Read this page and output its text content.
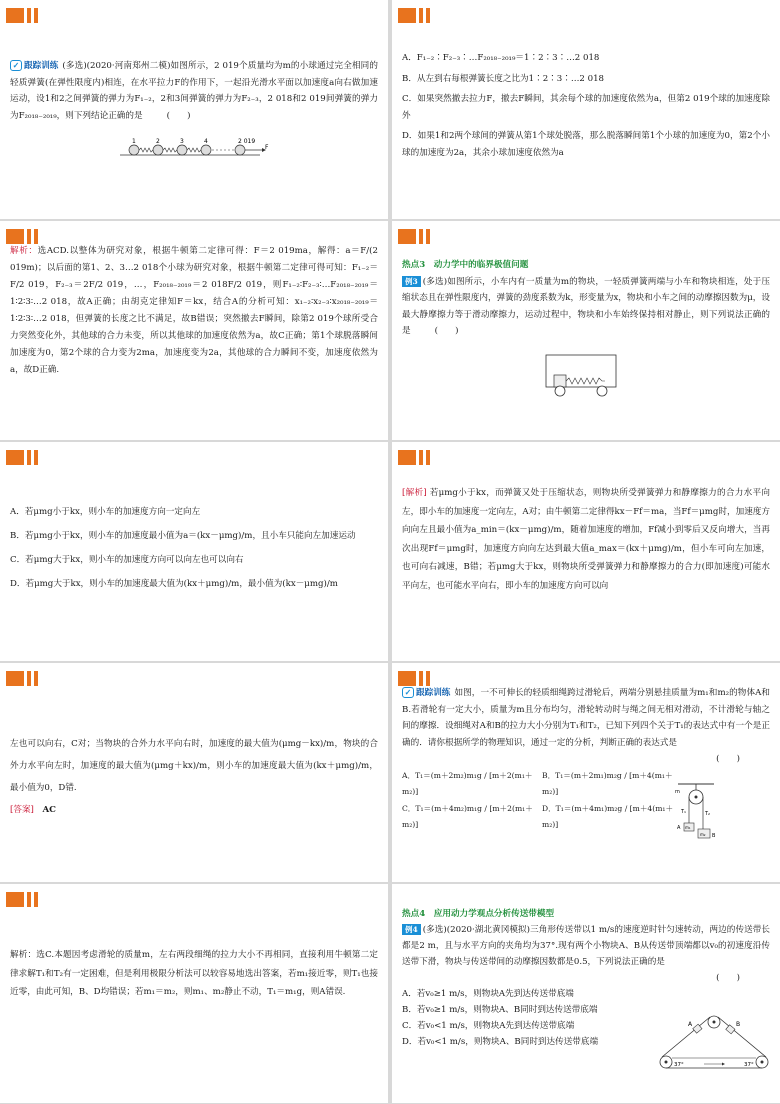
✓ 跟踪训练 (多选)(2020·河南郑州二模)如图所示，2 019个质量均为m的小球通过完全相同的轻质弹簧(在弹性限度内)相连，在水平拉力F的作用下，一起沿光滑水平面以加速度a向右做加速运动，设1和2之间弹簧的弹力为F₁₋₂，2和3间弹簧的弹力为F₂₋₃，2 018和2 019间弹簧的弹力为F₂₀₁₈₋₂₀₁₉，则下列结论正确的是	(　　)
1	2	3	4	2 019
F
A．F₁₋₂∶F₂₋₃∶…F₂₀₁₈₋₂₀₁₉＝1∶2∶3∶…2 018
B．从左到右每根弹簧长度之比为1∶2∶3∶…2 018
C．如果突然撤去拉力F，撤去F瞬间，其余每个球的加速度依然为a，但第2 019个球的加速度除外
D．如果1和2两个球间的弹簧从第1个球处脱落，那么脱落瞬间第1个小球的加速度为0，第2个小球的加速度为2a，其余小球加速度依然为a
解析：选ACD.以整体为研究对象，根据牛顿第二定律可得：F＝2 019ma，解得：a＝F/(2 019m)；以后面的第1、2、3…2 018个小球为研究对象，根据牛顿第二定律可得可知：F₁₋₂＝F/2 019，F₂₋₃＝2F/2 019，…，F₂₀₁₈₋₂₀₁₉＝2 018F/2 019，则F₁₋₂∶F₂₋₃∶…F₂₀₁₈₋₂₀₁₉＝1∶2∶3∶…2 018，故A正确；由胡克定律知F＝kx，结合A的分析可知：x₁₋₂∶x₂₋₃∶x₂₀₁₈₋₂₀₁₉＝1∶2∶3∶…2 018，但弹簧的长度之比不满足，故B错误；突然撤去F瞬间，除第2 019个球所受合力突然变化外，其他球的合力未变，所以其他球的加速度依然为a，故C正确；第1个球脱落瞬间加速度为0，第2个球的合力变为2ma，加速度变为2a，其他球的合力瞬间不变，加速度依然为a，故D正确.
热点3　动力学中的临界极值问题
例3 (多选)如图所示，小车内有一质量为m的物块，一轻质弹簧两端与小车和物块相连，处于压缩状态且在弹性限度内，弹簧的劲度系数为k，形变量为x，物块和小车之间的动摩擦因数为μ，设最大静摩擦力等于滑动摩擦力，运动过程中，物块和小车始终保持相对静止，则下列说法正确的是	(　　)
A．若μmg小于kx，则小车的加速度方向一定向左
B．若μmg小于kx，则小车的加速度最小值为a＝(kx－μmg)/m，且小车只能向左加速运动
C．若μmg大于kx，则小车的加速度方向可以向左也可以向右
D．若μmg大于kx，则小车的加速度最大值为(kx＋μmg)/m，最小值为(kx－μmg)/m
[解析] 若μmg小于kx，而弹簧又处于压缩状态，则物块所受弹簧弹力和静摩擦力的合力水平向左，即小车的加速度一定向左，A对；由牛顿第二定律得kx－Ff＝ma，当Ff＝μmg时，加速度方向向左且最小值为a_min＝(kx－μmg)/m，随着加速度的增加，Ff减小到零后又反向增大，当再次出现Ff＝μmg时，加速度方向向左达到最大值a_max＝(kx＋μmg)/m，但小车可向左加速，也可向右减速，B错；若μmg大于kx，则物块所受弹簧弹力和静摩擦力的合力(即加速度)可能水平向左，也可能水平向右，即小车的加速度方向可以向
左也可以向右，C对；当物块的合外力水平向右时，加速度的最大值为(μmg－kx)/m，物块的合外力水平向左时，加速度的最大值为(μmg＋kx)/m，则小车的加速度最大值为(kx＋μmg)/m，最小值为0，D错.
[答案]　 AC
✓ 跟踪训练 如图，一不可伸长的轻质细绳跨过滑轮后，两端分别悬挂质量为m₁和m₂的物体A和B.若滑轮有一定大小，质量为m且分布均匀，滑轮转动时与绳之间无相对滑动，不计滑轮与轴之间的摩擦．设细绳对A和B的拉力大小分别为T₁和T₂，已知下列四个关于T₁的表达式中有一个是正确的．请你根据所学的物理知识，通过一定的分析，判断正确的表达式是
(　　)
A．T₁＝(m＋2m₂)m₁g / [m＋2(m₁＋m₂)]
B．T₁＝(m＋2m₁)m₂g / [m＋4(m₁＋m₂)]
C．T₁＝(m＋4m₂)m₁g / [m＋2(m₁＋m₂)]
D．T₁＝(m＋4m₁)m₂g / [m＋4(m₁＋m₂)]
m
T₁	T₂
A m₁
B
m₂
解析：选C.本题因考虑滑轮的质量m，左右两段细绳的拉力大小不再相同，直接利用牛顿第二定律求解T₁和T₂有一定困难，但是利用极限分析法可以较容易地选出答案，若m₁接近零，则T₁也接近零，由此可知，B、D均错误；若m₁＝m₂，则m₁、m₂静止不动，T₁＝m₁g，则A错误.
热点4　应用动力学观点分析传送带模型
例4 (多选)(2020·湖北黄冈模拟)三角形传送带以1 m/s的速度逆时针匀速转动，两边的传送带长都是2 m，且与水平方向的夹角均为37°.现有两个小物块A、B从传送带顶端都以v₀的初速度沿传送带下滑，物块与传送带间的动摩擦因数都是0.5，下列说法正确的是
(　　)
A．若v₀≥1 m/s，则物块A先到达传送带底端
B．若v₀≥1 m/s，则物块A、B同时到达传送带底端
C．若v₀<1 m/s，则物块A先到达传送带底端
D．若v₀<1 m/s，则物块A、B同时到达传送带底端
A	B
37°	37°
